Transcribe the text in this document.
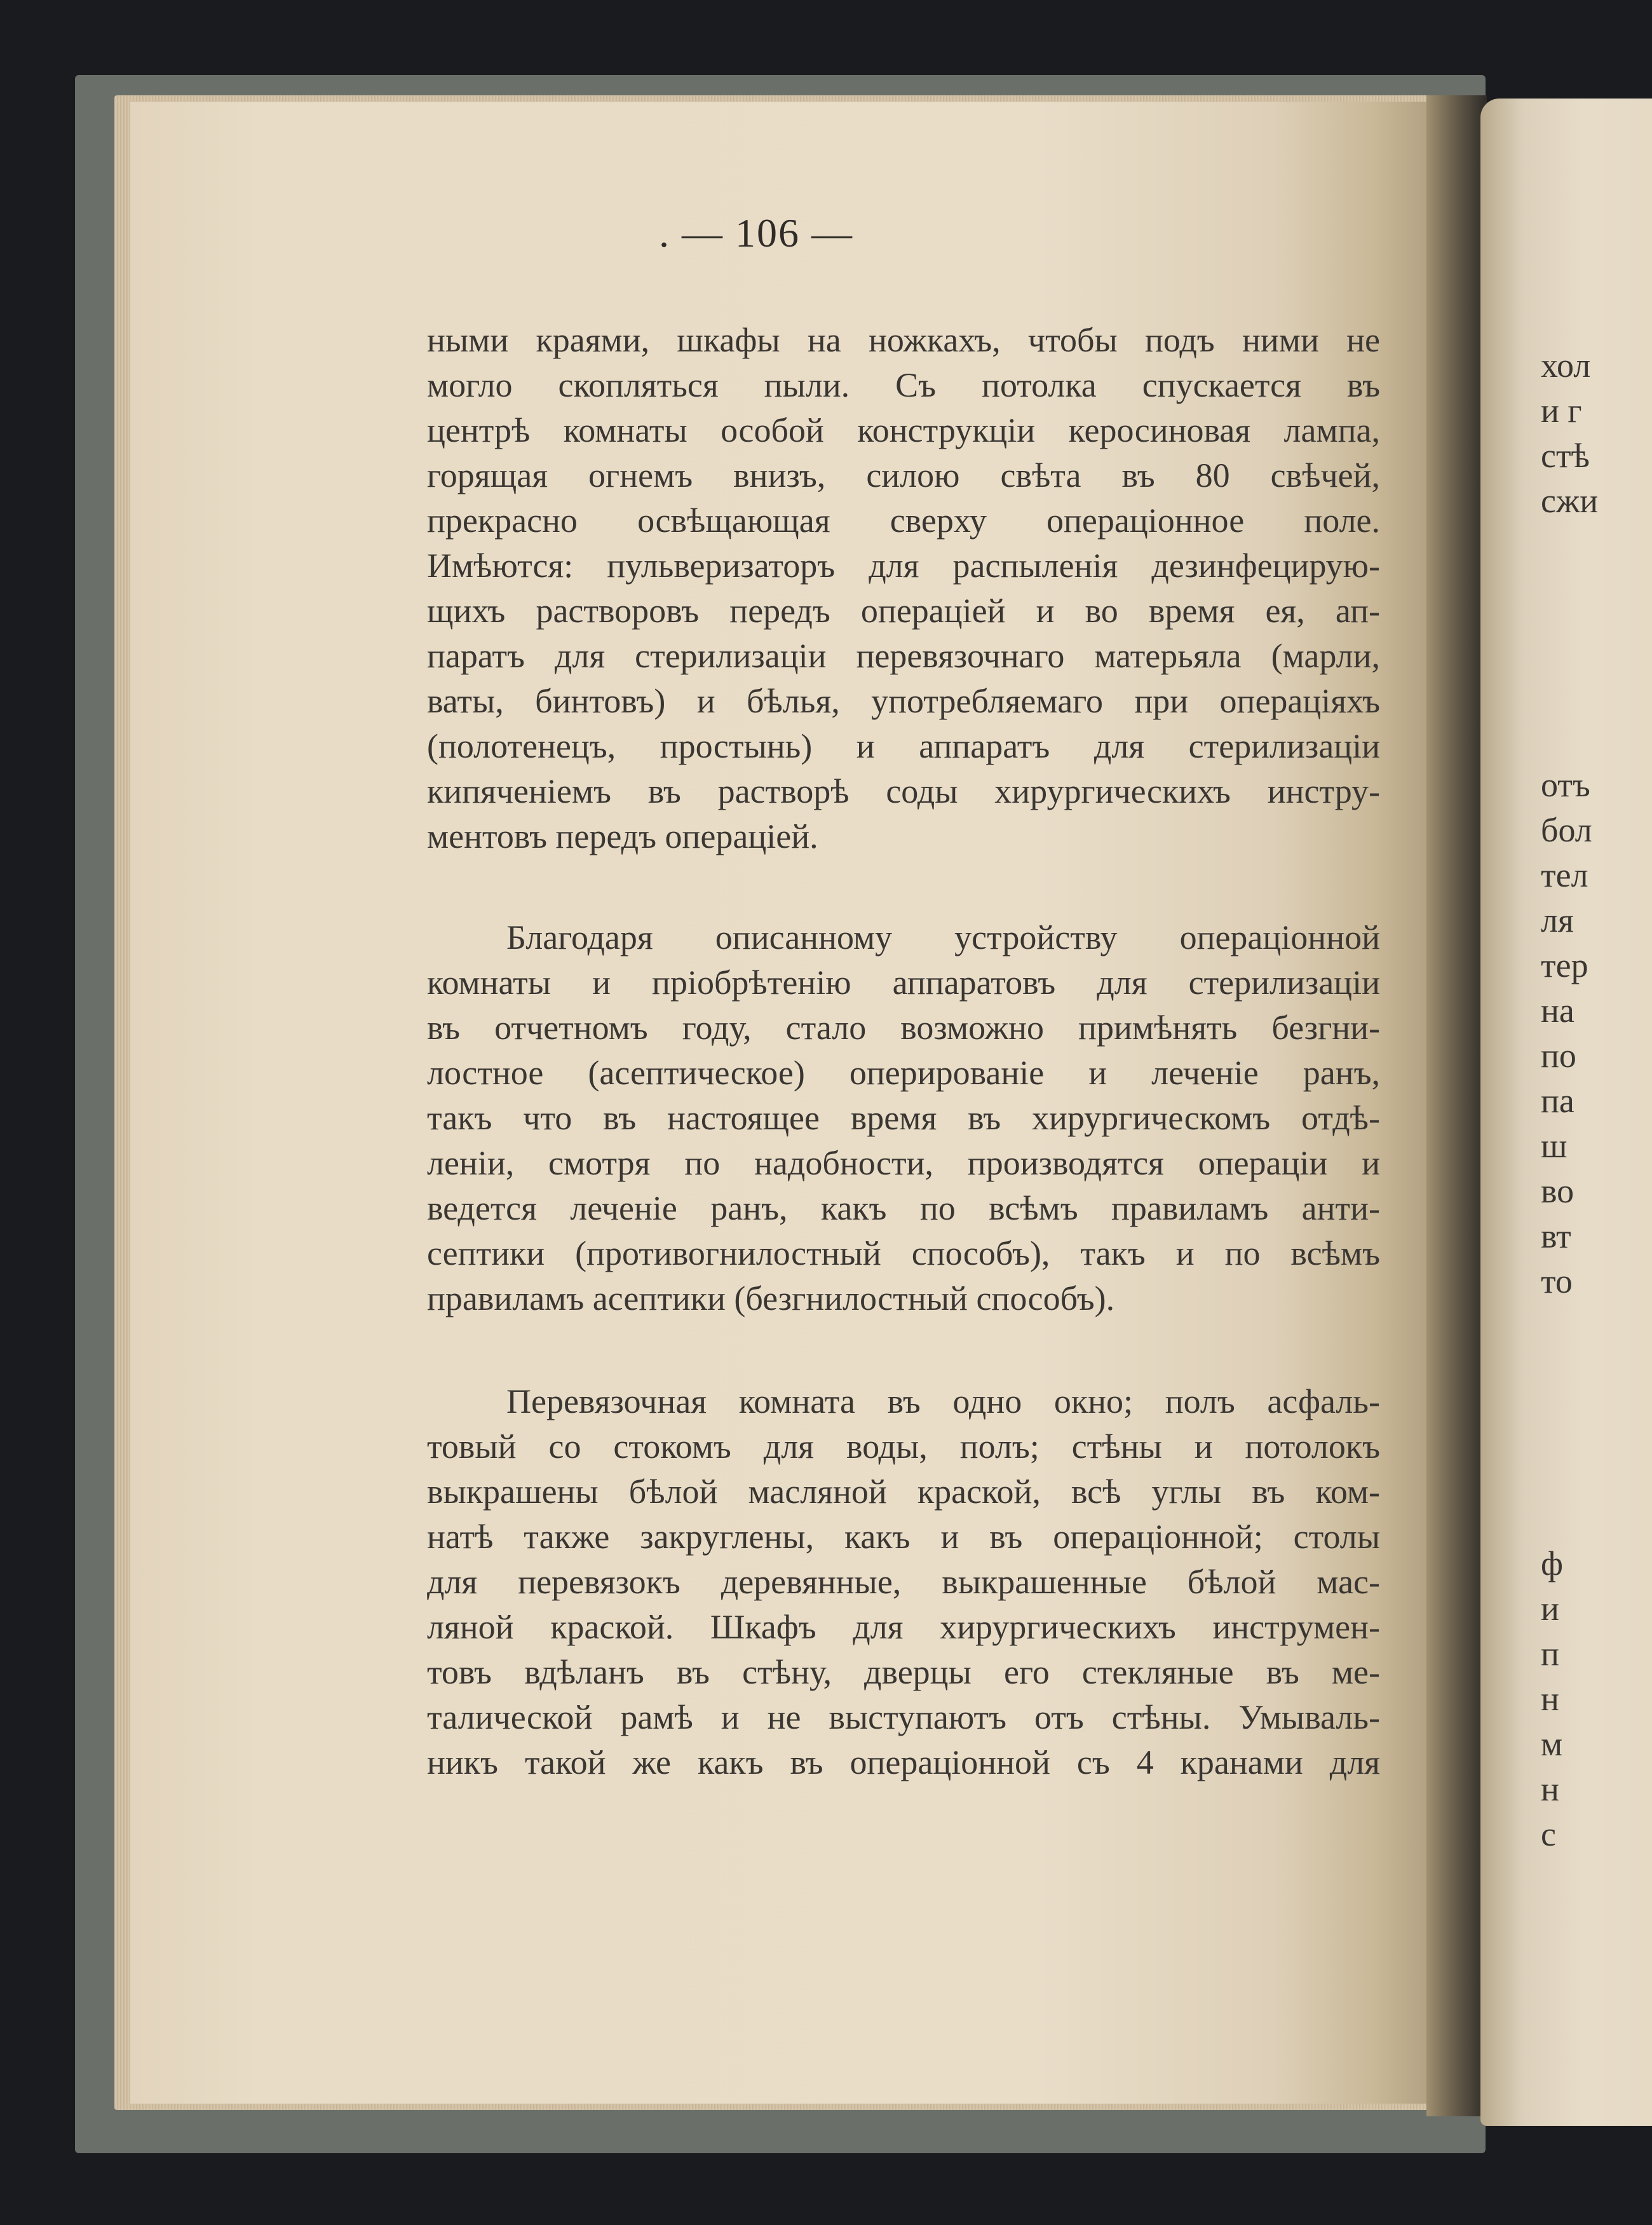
. — 106 —
ными краями, шкафы на ножкахъ, чтобы подъ ними не
могло скопляться пыли. Съ потолка спускается въ
центрѣ комнаты особой конструкціи керосиновая лампа,
горящая огнемъ внизъ, силою свѣта въ 80 свѣчей,
прекрасно освѣщающая сверху операціонное поле.
Имѣются: пульверизаторъ для распыленія дезинфецирую-
щихъ растворовъ передъ операціей и во время ея, ап-
паратъ для стерилизаціи перевязочнаго матерьяла (марли,
ваты, бинтовъ) и бѣлья, употребляемаго при операціяхъ
(полотенецъ, простынь) и аппаратъ для стерилизаціи
кипяченіемъ въ растворѣ соды хирургическихъ инстру-
ментовъ передъ операціей.
Благодаря описанному устройству операціонной
комнаты и пріобрѣтенію аппаратовъ для стерилизаціи
въ отчетномъ году, стало возможно примѣнять безгни-
лостное (асептическое) оперированіе и леченіе ранъ,
такъ что въ настоящее время въ хирургическомъ отдѣ-
леніи, смотря по надобности, производятся операціи и
ведется леченіе ранъ, какъ по всѣмъ правиламъ анти-
септики (противогнилостный способъ), такъ и по всѣмъ
правиламъ асептики (безгнилостный способъ).
Перевязочная комната въ одно окно; полъ асфаль-
товый со стокомъ для воды, полъ; стѣны и потолокъ
выкрашены бѣлой масляной краской, всѣ углы въ ком-
натѣ также закруглены, какъ и въ операціонной; столы
для перевязокъ деревянные, выкрашенные бѣлой мас-
ляной краской. Шкафъ для хирургическихъ инструмен-
товъ вдѣланъ въ стѣну, дверцы его стекляные въ ме-
талической рамѣ и не выступаютъ отъ стѣны. Умываль-
никъ такой же какъ въ операціонной съ 4 кранами для
хол
и г
стѣ
сжи
отъ
бол
тел
ля
тер
на
по
па
ш
во
вт
то
ф
и
п
н
м
н
с
